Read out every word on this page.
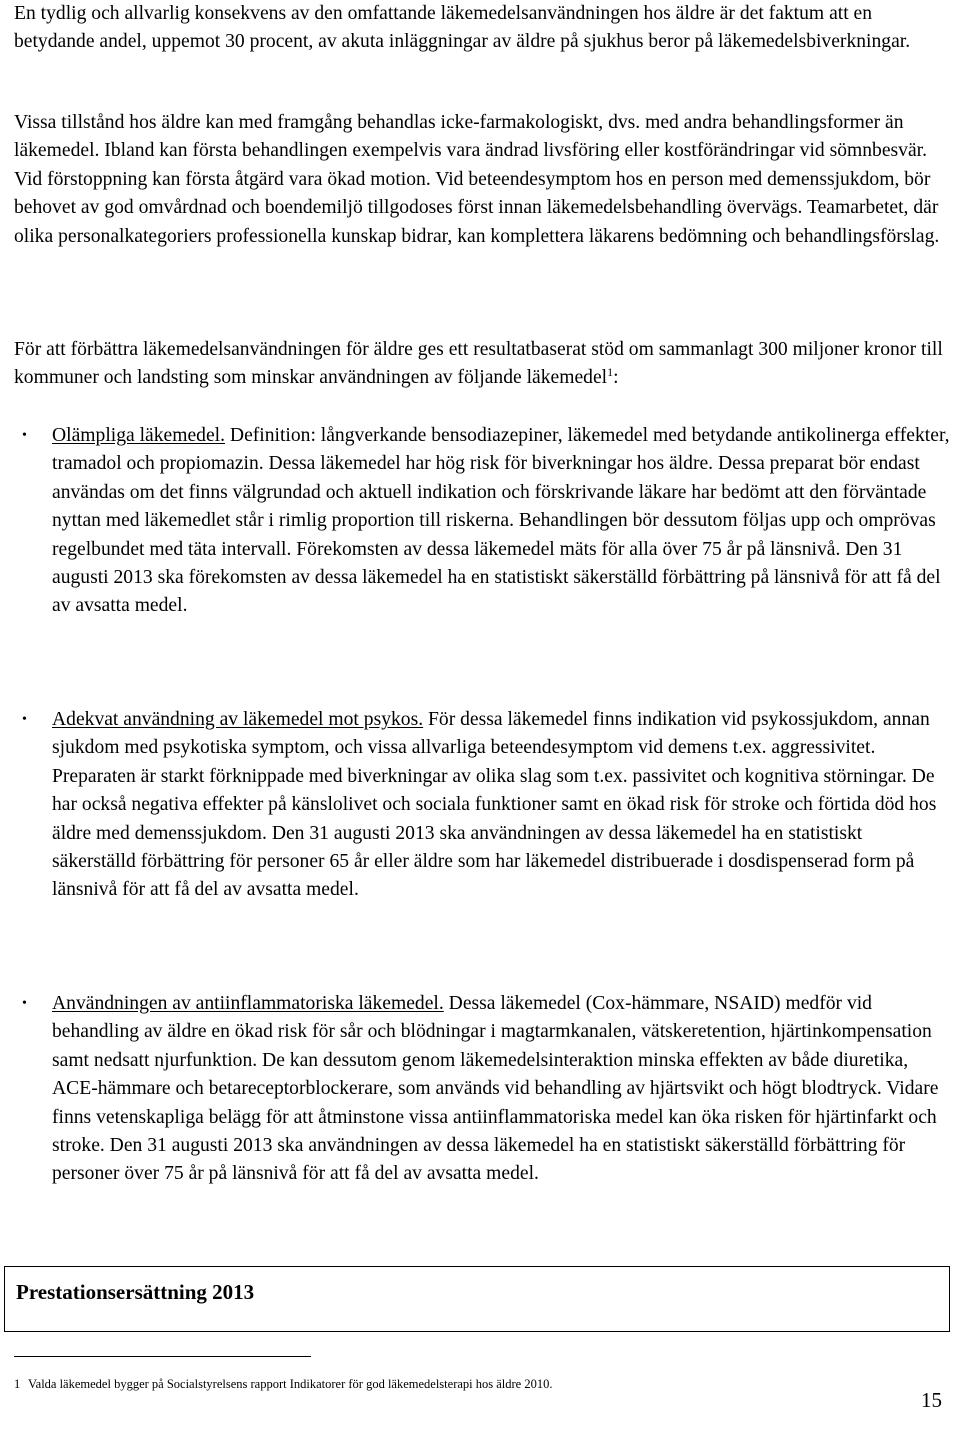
En tydlig och allvarlig konsekvens av den omfattande läkemedelsanvändningen hos äldre är det faktum att en betydande andel, uppemot 30 procent, av akuta inläggningar av äldre på sjukhus beror på läkemedelsbiverkningar.

Vissa tillstånd hos äldre kan med framgång behandlas icke-farmakologiskt, dvs. med andra behandlingsformer än läkemedel. Ibland kan första behandlingen exempelvis vara ändrad livsföring eller kostförändringar vid sömnbesvär. Vid förstoppning kan första åtgärd vara ökad motion. Vid beteendesymptom hos en person med demenssjukdom, bör behovet av god omvårdnad och boendemiljö tillgodoses först innan läkemedelsbehandling övervägs. Teamarbetet, där olika personalkategoriers professionella kunskap bidrar, kan komplettera läkarens bedömning och behandlingsförslag.

För att förbättra läkemedelsanvändningen för äldre ges ett resultatbaserat stöd om sammanlagt 300 miljoner kronor till kommuner och landsting som minskar användningen av följande läkemedel$^1$:

• Olämpliga läkemedel. Definition: långverkande bensodiazepiner, läkemedel med betydande antikolinerga effekter, tramadol och propiomazin. Dessa läkemedel har hög risk för biverkningar hos äldre. Dessa preparat bör endast användas om det finns välgrundad och aktuell indikation och förskrivande läkare har bedömt att den förväntade nyttan med läkemedlet står i rimlig proportion till riskerna. Behandlingen bör dessutom följas upp och omprövas regelbundet med täta intervall. Förekomsten av dessa läkemedel mäts för alla över 75 år på länsnivå. Den 31 augusti 2013 ska förekomsten av dessa läkemedel ha en statistiskt säkerställd förbättring på länsnivå för att få del av avsatta medel.

• Adekvat användning av läkemedel mot psykos. För dessa läkemedel finns indikation vid psykossjukdom, annan sjukdom med psykotiska symptom, och vissa allvarliga beteendesymptom vid demens t.ex. aggressivitet. Preparaten är starkt förknippade med biverkningar av olika slag som t.ex. passivitet och kognitiva störningar. De har också negativa effekter på känslolivet och sociala funktioner samt en ökad risk för stroke och förtida död hos äldre med demenssjukdom. Den 31 augusti 2013 ska användningen av dessa läkemedel ha en statistiskt säkerställd förbättring för personer 65 år eller äldre som har läkemedel distribuerade i dosdispenserad form på länsnivå för att få del av avsatta medel.

• Användningen av antiinflammatoriska läkemedel. Dessa läkemedel (Cox-hämmare, NSAID) medför vid behandling av äldre en ökad risk för sår och blödningar i magtarmkanalen, vätskeretention, hjärtinkompensation samt nedsatt njurfunktion. De kan dessutom genom läkemedelsinteraktion minska effekten av både diuretika, ACE-hämmare och betareceptorblockerare, som används vid behandling av hjärtsvikt och högt blodtryck. Vidare finns vetenskapliga belägg för att åtminstone vissa antiinflammatoriska medel kan öka risken för hjärtinfarkt och stroke. Den 31 augusti 2013 ska användningen av dessa läkemedel ha en statistiskt säkerställd förbättring för personer över 75 år på länsnivå för att få del av avsatta medel.

Prestationsersättning 2013

1 Valda läkemedel bygger på Socialstyrelsens rapport Indikatorer för god läkemedelsterapi hos äldre 2010.

15
